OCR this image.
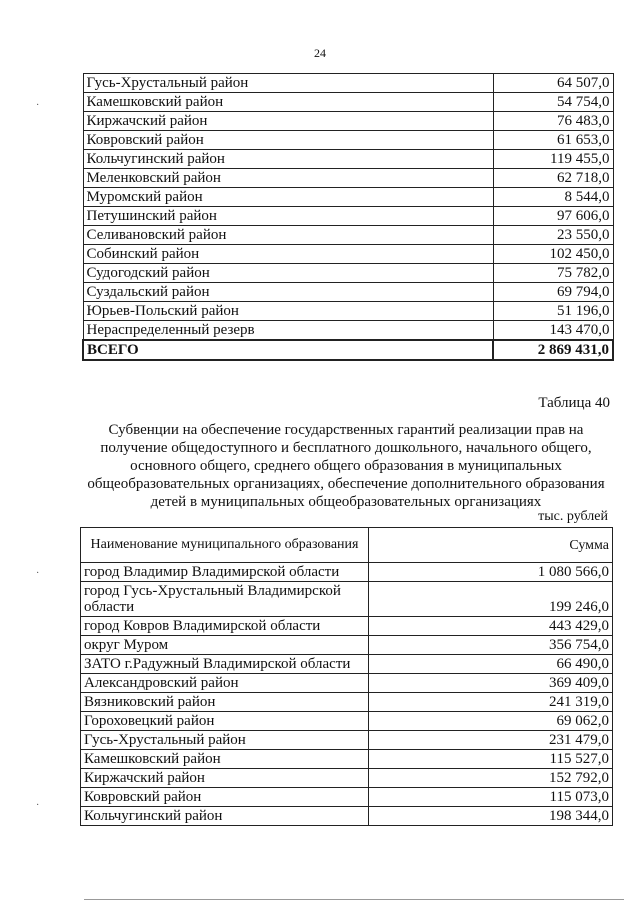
24
Гусь-Хрустальный район	64 507,0
Камешковский район	54 754,0
Киржачский район	76 483,0
Ковровский район	61 653,0
Кольчугинский район	119 455,0
Меленковский район	62 718,0
Муромский район	8 544,0
Петушинский район	97 606,0
Селивановский район	23 550,0
Собинский район	102 450,0
Судогодский район	75 782,0
Суздальский район	69 794,0
Юрьев-Польский район	51 196,0
Нераспределенный резерв	143 470,0
ВСЕГО	2 869 431,0
Таблица 40
Субвенции на обеспечение государственных гарантий реализации прав на
получение общедоступного и бесплатного дошкольного, начального общего,
основного общего, среднего общего образования в муниципальных
общеобразовательных организациях, обеспечение дополнительного образования
детей в муниципальных общеобразовательных организациях
тыс. рублей
Наименование муниципального образования	Сумма
город Владимир Владимирской области	1 080 566,0
город Гусь-Хрустальный Владимирской области	199 246,0
город Ковров Владимирской области	443 429,0
округ Муром	356 754,0
ЗАТО г.Радужный Владимирской области	66 490,0
Александровский район	369 409,0
Вязниковский район	241 319,0
Гороховецкий район	69 062,0
Гусь-Хрустальный район	231 479,0
Камешковский район	115 527,0
Киржачский район	152 792,0
Ковровский район	115 073,0
Кольчугинский район	198 344,0
·
·
·
